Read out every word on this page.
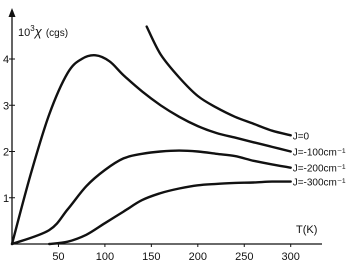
$10^3\chi$ (cgs)
T(K)
50	100	150	200	250	300
1
2
3
4
J=0
J=-100cm⁻¹
J=-200cm⁻¹
J=-300cm⁻¹
